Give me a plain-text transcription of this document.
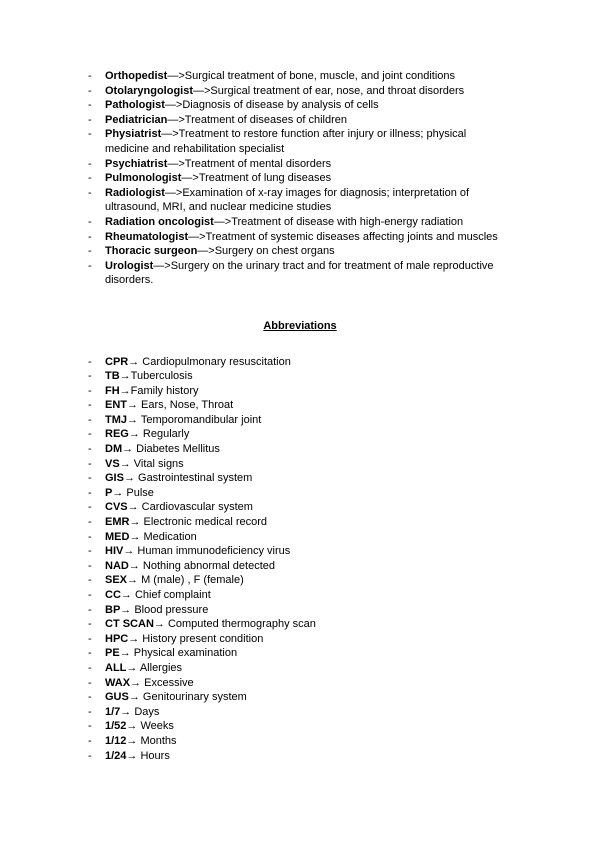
-	Orthopedist—>Surgical treatment of bone, muscle, and joint conditions
-	Otolaryngologist—>Surgical treatment of ear, nose, and throat disorders
-	Pathologist—>Diagnosis of disease by analysis of cells
-	Pediatrician—>Treatment of diseases of children
-	Physiatrist—>Treatment to restore function after injury or illness; physical medicine and rehabilitation specialist
-	Psychiatrist—>Treatment of mental disorders
-	Pulmonologist—>Treatment of lung diseases
-	Radiologist—>Examination of x-ray images for diagnosis; interpretation of ultrasound, MRI, and nuclear medicine studies
-	Radiation oncologist—>Treatment of disease with high-energy radiation
-	Rheumatologist—>Treatment of systemic diseases affecting joints and muscles
-	Thoracic surgeon—>Surgery on chest organs
-	Urologist—>Surgery on the urinary tract and for treatment of male reproductive disorders.
Abbreviations
-	CPR→ Cardiopulmonary resuscitation
-	TB→Tuberculosis
-	FH→Family history
-	ENT→ Ears, Nose, Throat
-	TMJ→ Temporomandibular joint
-	REG→ Regularly
-	DM→ Diabetes Mellitus
-	VS→ Vital signs
-	GIS→ Gastrointestinal system
-	P→ Pulse
-	CVS→ Cardiovascular system
-	EMR→ Electronic medical record
-	MED→ Medication
-	HIV→ Human immunodeficiency virus
-	NAD→ Nothing abnormal detected
-	SEX→ M (male) , F (female)
-	CC→ Chief complaint
-	BP→ Blood pressure
-	CT SCAN→ Computed thermography scan
-	HPC→ History present condition
-	PE→ Physical examination
-	ALL→ Allergies
-	WAX→ Excessive
-	GUS→ Genitourinary system
-	1/7→ Days
-	1/52→ Weeks
-	1/12→ Months
-	1/24→ Hours
